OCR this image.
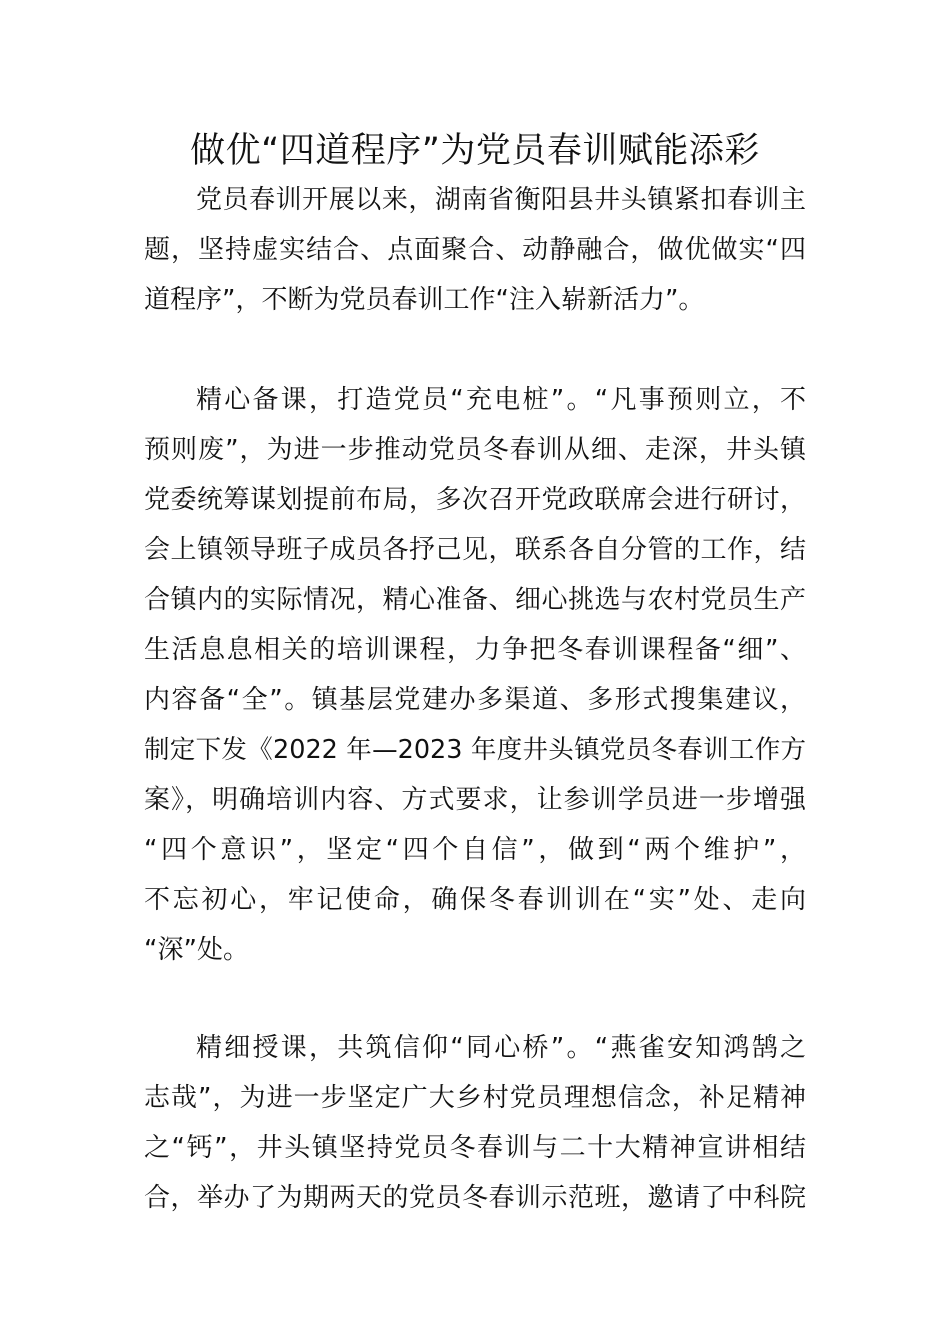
做优“四道程序”为党员春训赋能添彩
党员春训开展以来，湖南省衡阳县井头镇紧扣春训主
题，坚持虚实结合、点面聚合、动静融合，做优做实“四
道程序”，不断为党员春训工作“注入崭新活力”。
精心备课，打造党员“充电桩”。“凡事预则立，不
预则废”，为进一步推动党员冬春训从细、走深，井头镇
党委统筹谋划提前布局，多次召开党政联席会进行研讨，
会上镇领导班子成员各抒己见，联系各自分管的工作，结
合镇内的实际情况，精心准备、细心挑选与农村党员生产
生活息息相关的培训课程，力争把冬春训课程备“细”、
内容备“全”。镇基层党建办多渠道、多形式搜集建议，
制定下发《2022 年—2023 年度井头镇党员冬春训工作方
案》，明确培训内容、方式要求，让参训学员进一步增强
“四个意识”，坚定“四个自信”，做到“两个维护”，
不忘初心，牢记使命，确保冬春训训在“实”处、走向
“深”处。
精细授课，共筑信仰“同心桥”。“燕雀安知鸿鹄之
志哉”，为进一步坚定广大乡村党员理想信念，补足精神
之“钙”，井头镇坚持党员冬春训与二十大精神宣讲相结
合，举办了为期两天的党员冬春训示范班，邀请了中科院
